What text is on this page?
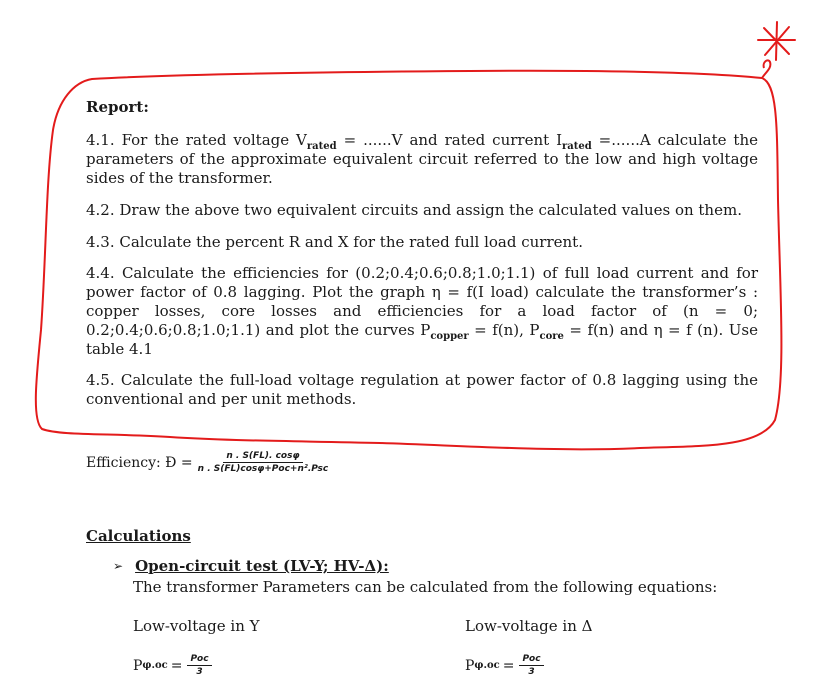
Report:
4.1. For the rated voltage $V_{rated} = ......V$ and rated current $I_{rated} =......A$ calculate the parameters of the approximate equivalent circuit referred to the low and high voltage sides of the transformer.
4.2. Draw the above two equivalent circuits and assign the calculated values on them.
4.3. Calculate the percent R and X for the rated full load current.
4.4. Calculate the efficiencies for (0.2;0.4;0.6;0.8;1.0;1.1) of full load current and for power factor of 0.8 lagging. Plot the graph η = f(I load) calculate the transformer’s : copper losses, core losses and efficiencies for a load factor of (n = 0; 0.2;0.4;0.6;0.8;1.0;1.1) and plot the curves $P_{copper} = f(n)$, $P_{core} = f(n)$ and η = f (n). Use table 4.1
4.5. Calculate the full-load voltage regulation at power factor of 0.8 lagging using the conventional and per unit methods.
Efficiency: Ɖ = $\frac{n . S(FL). \cos\varphi}{\text{n . S(FL)cosφ+Poc+n².Psc}}$
Calculations
➢ Open-circuit test (LV-Y; HV-Δ):
The transformer Parameters can be calculated from the following equations:
Low-voltage in Y	Low-voltage in Δ
P $\varphi.oc = \frac{\text{Poc}}{3}$	P $\varphi.oc = \frac{\text{Poc}}{3}$
